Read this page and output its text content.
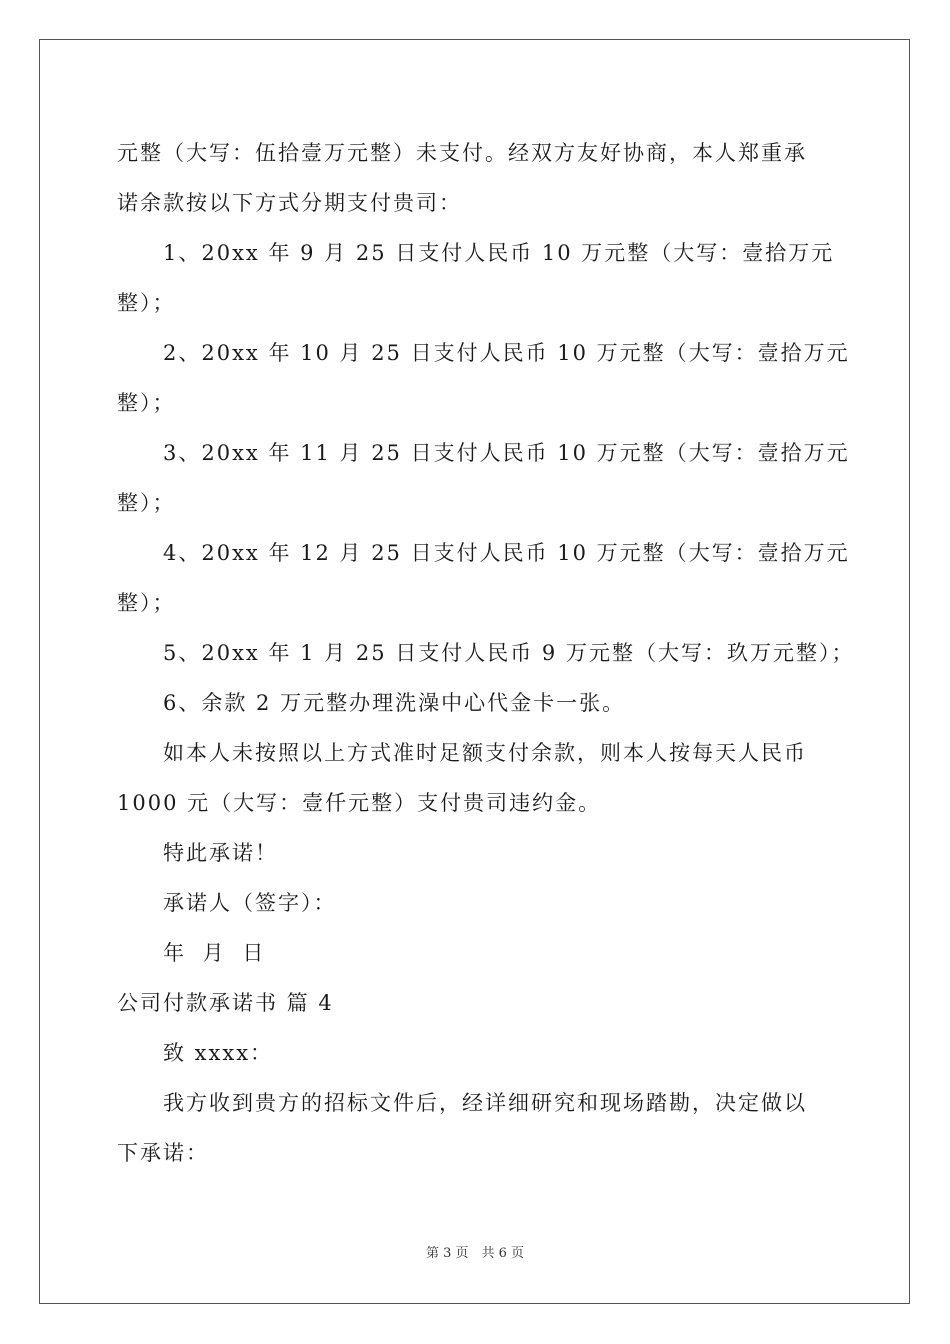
元整（大写：伍拾壹万元整）未支付。经双方友好协商，本人郑重承

诺余款按以下方式分期支付贵司：

1、20xx 年 9 月 25 日支付人民币 10 万元整（大写：壹拾万元

整）；

2、20xx 年 10 月 25 日支付人民币 10 万元整（大写：壹拾万元

整）；

3、20xx 年 11 月 25 日支付人民币 10 万元整（大写：壹拾万元

整）；

4、20xx 年 12 月 25 日支付人民币 10 万元整（大写：壹拾万元

整）；

5、20xx 年 1 月 25 日支付人民币 9 万元整（大写：玖万元整）；

6、余款 2 万元整办理洗澡中心代金卡一张。

如本人未按照以上方式准时足额支付余款，则本人按每天人民币

1000 元（大写：壹仟元整）支付贵司违约金。

特此承诺！

承诺人（签字）：

年 月 日

公司付款承诺书 篇 4

致 xxxx：

我方收到贵方的招标文件后，经详细研究和现场踏勘，决定做以

下承诺：

第 3 页　共 6 页
